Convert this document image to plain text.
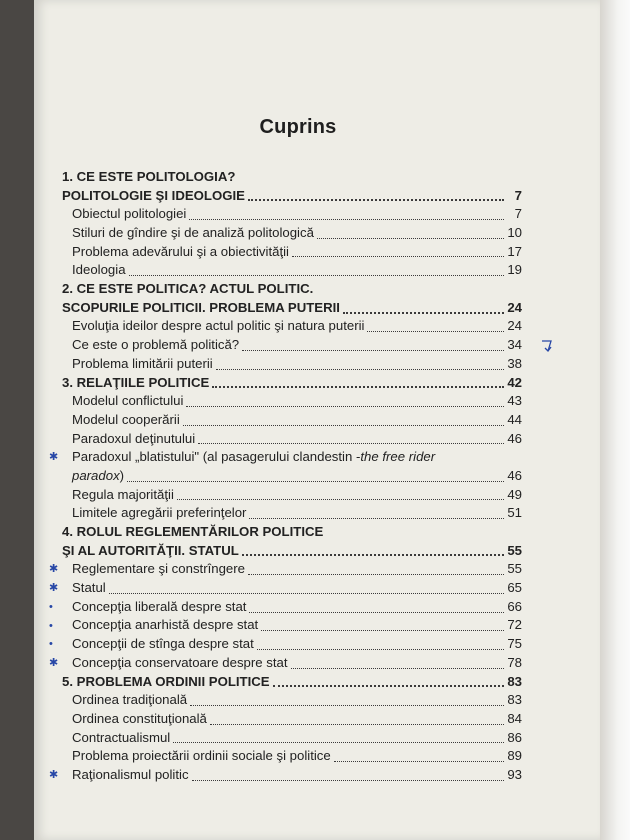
Cuprins
1. CE ESTE POLITOLOGIA?
POLITOLOGIE ŞI IDEOLOGIE	7
Obiectul politologiei	7
Stiluri de gîndire şi de analiză politologică	10
Problema adevărului şi a obiectivităţii	17
Ideologia	19
2. CE ESTE POLITICA? ACTUL POLITIC.
SCOPURILE POLITICII. PROBLEMA PUTERII	24
Evoluţia ideilor despre actul politic şi natura puterii	24
Ce este o problemă politică?	34
Problema limitării puterii	38
3. RELAŢIILE POLITICE	42
Modelul conflictului	43
Modelul cooperării	44
Paradoxul deţinutului	46
✱ Paradoxul „blatistului" (al pasagerului clandestin - the free rider
paradox )	46
Regula majorităţii	49
Limitele agregării preferinţelor	51
4. ROLUL REGLEMENTĂRILOR POLITICE
ŞI AL AUTORITĂŢII. STATUL	55
✱ Reglementare şi constrîngere	55
✱ Statul	65
•	Concepţia liberală despre stat	66
•	Concepţia anarhistă despre stat	72
•	Concepţii de stînga despre stat	75
✱ Concepţia conservatoare despre stat	78
5. PROBLEMA ORDINII POLITICE	83
Ordinea tradiţională	83
Ordinea constituţională	84
Contractualismul	86
Problema proiectării ordinii sociale şi politice	89
✱ Raţionalismul politic	93
